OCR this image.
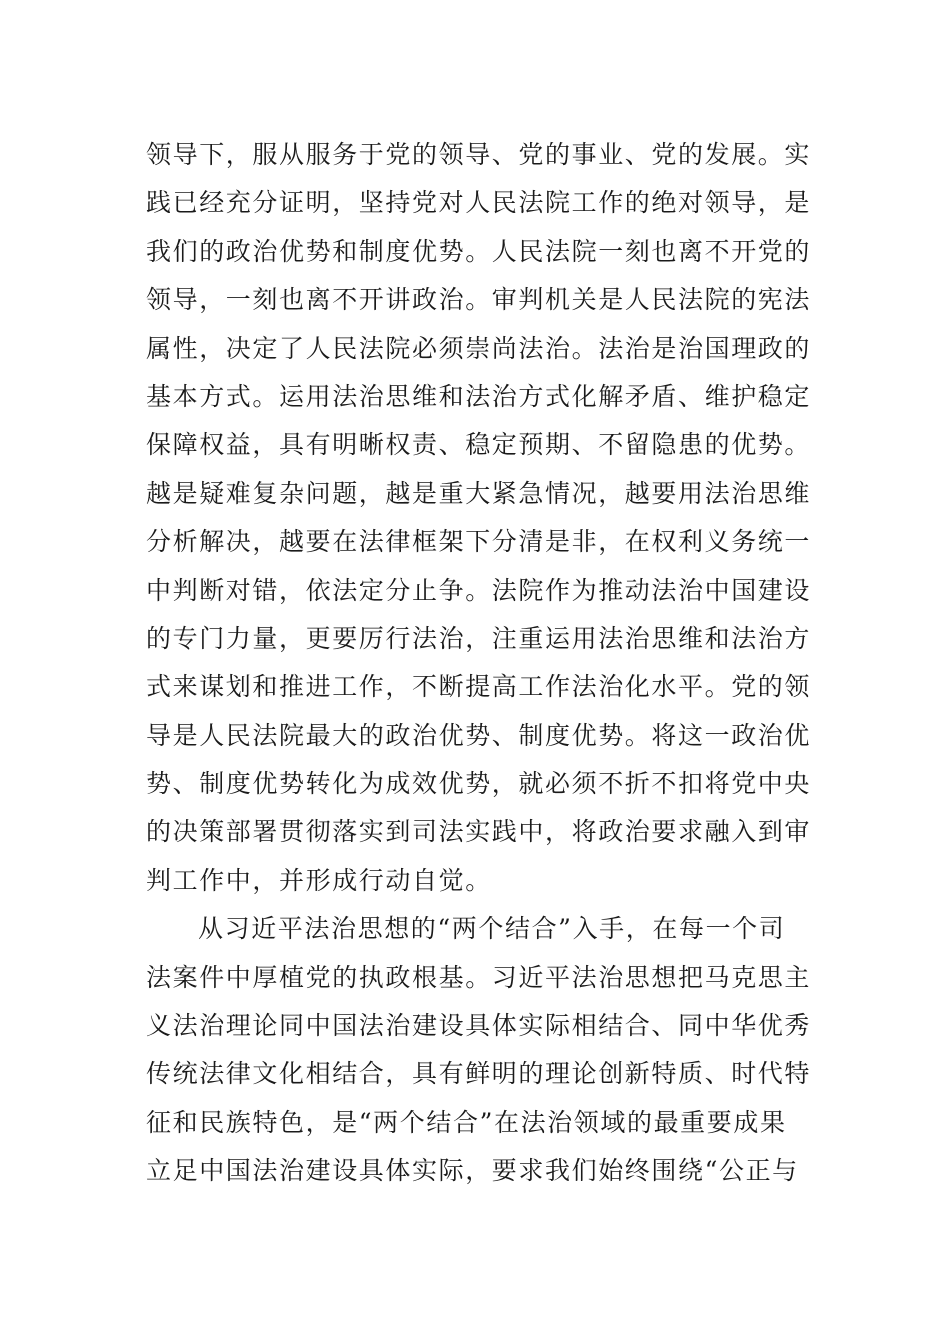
领导下，服从服务于党的领导、党的事业、党的发展。实
践已经充分证明，坚持党对人民法院工作的绝对领导，是
我们的政治优势和制度优势。人民法院一刻也离不开党的
领导，一刻也离不开讲政治。审判机关是人民法院的宪法
属性，决定了人民法院必须崇尚法治。法治是治国理政的
基本方式。运用法治思维和法治方式化解矛盾、维护稳定
保障权益，具有明晰权责、稳定预期、不留隐患的优势。
越是疑难复杂问题，越是重大紧急情况，越要用法治思维
分析解决，越要在法律框架下分清是非，在权利义务统一
中判断对错，依法定分止争。法院作为推动法治中国建设
的专门力量，更要厉行法治，注重运用法治思维和法治方
式来谋划和推进工作，不断提高工作法治化水平。党的领
导是人民法院最大的政治优势、制度优势。将这一政治优
势、制度优势转化为成效优势，就必须不折不扣将党中央
的决策部署贯彻落实到司法实践中，将政治要求融入到审
判工作中，并形成行动自觉。
从习近平法治思想的“两个结合”入手，在每一个司
法案件中厚植党的执政根基。习近平法治思想把马克思主
义法治理论同中国法治建设具体实际相结合、同中华优秀
传统法律文化相结合，具有鲜明的理论创新特质、时代特
征和民族特色，是“两个结合”在法治领域的最重要成果
立足中国法治建设具体实际，要求我们始终围绕“公正与
